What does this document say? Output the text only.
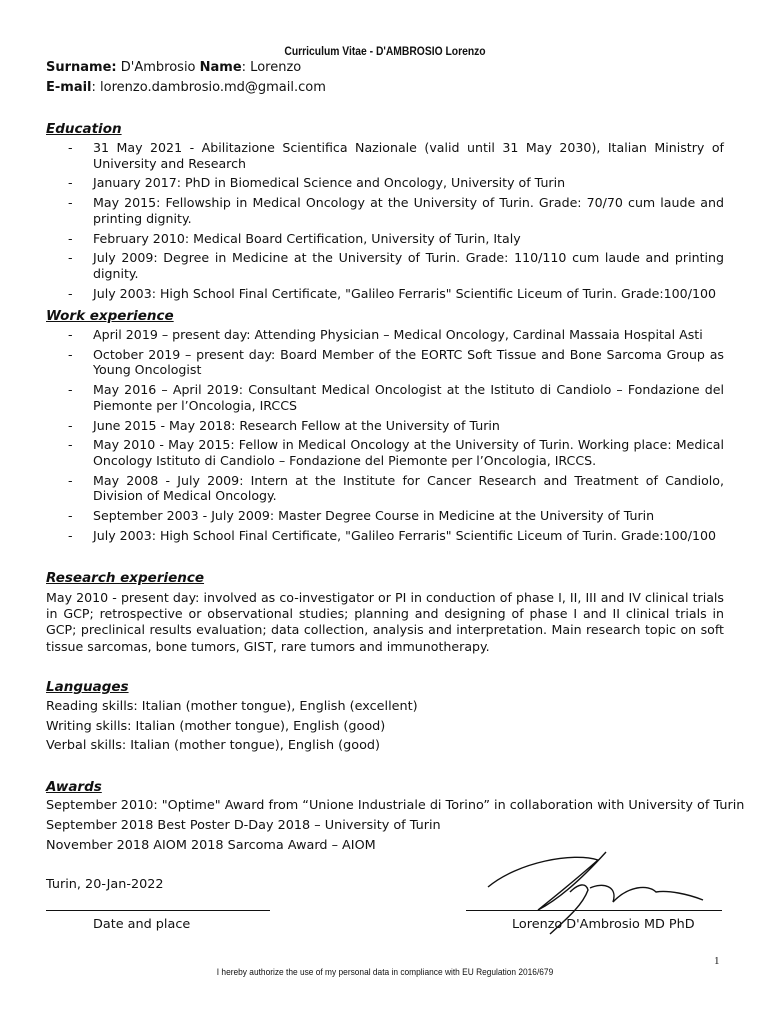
Curriculum Vitae - D'AMBROSIO Lorenzo
Surname: D'Ambrosio Name: Lorenzo
E-mail: lorenzo.dambrosio.md@gmail.com
Education
- 31 May 2021 - Abilitazione Scientifica Nazionale (valid until 31 May 2030), Italian Ministry of University and Research
- January 2017: PhD in Biomedical Science and Oncology, University of Turin
- May 2015: Fellowship in Medical Oncology at the University of Turin. Grade: 70/70 cum laude and printing dignity.
- February 2010: Medical Board Certification, University of Turin, Italy
- July 2009: Degree in Medicine at the University of Turin. Grade: 110/110 cum laude and printing dignity.
- July 2003: High School Final Certificate, "Galileo Ferraris" Scientific Liceum of Turin. Grade:100/100
Work experience
- April 2019 – present day: Attending Physician – Medical Oncology, Cardinal Massaia Hospital Asti
- October 2019 – present day: Board Member of the EORTC Soft Tissue and Bone Sarcoma Group as Young Oncologist
- May 2016 – April 2019: Consultant Medical Oncologist at the Istituto di Candiolo – Fondazione del Piemonte per l’Oncologia, IRCCS
- June 2015 - May 2018: Research Fellow at the University of Turin
- May 2010 - May 2015: Fellow in Medical Oncology at the University of Turin. Working place: Medical Oncology Istituto di Candiolo – Fondazione del Piemonte per l’Oncologia, IRCCS.
- May 2008 - July 2009: Intern at the Institute for Cancer Research and Treatment of Candiolo, Division of Medical Oncology.
- September 2003 - July 2009: Master Degree Course in Medicine at the University of Turin
- July 2003: High School Final Certificate, "Galileo Ferraris" Scientific Liceum of Turin. Grade:100/100
Research experience
May 2010 - present day: involved as co-investigator or PI in conduction of phase I, II, III and IV clinical trials in GCP; retrospective or observational studies; planning and designing of phase I and II clinical trials in GCP; preclinical results evaluation; data collection, analysis and interpretation. Main research topic on soft tissue sarcomas, bone tumors, GIST, rare tumors and immunotherapy.
Languages
Reading skills: Italian (mother tongue), English (excellent)
Writing skills: Italian (mother tongue), English (good)
Verbal skills: Italian (mother tongue), English (good)
Awards
September 2010: "Optime" Award from “Unione Industriale di Torino” in collaboration with University of Turin
September 2018 Best Poster D-Day 2018 – University of Turin
November 2018 AIOM 2018 Sarcoma Award – AIOM
Turin, 20-Jan-2022
Date and place	Lorenzo D'Ambrosio MD PhD
1
I hereby authorize the use of my personal data in compliance with EU Regulation 2016/679
